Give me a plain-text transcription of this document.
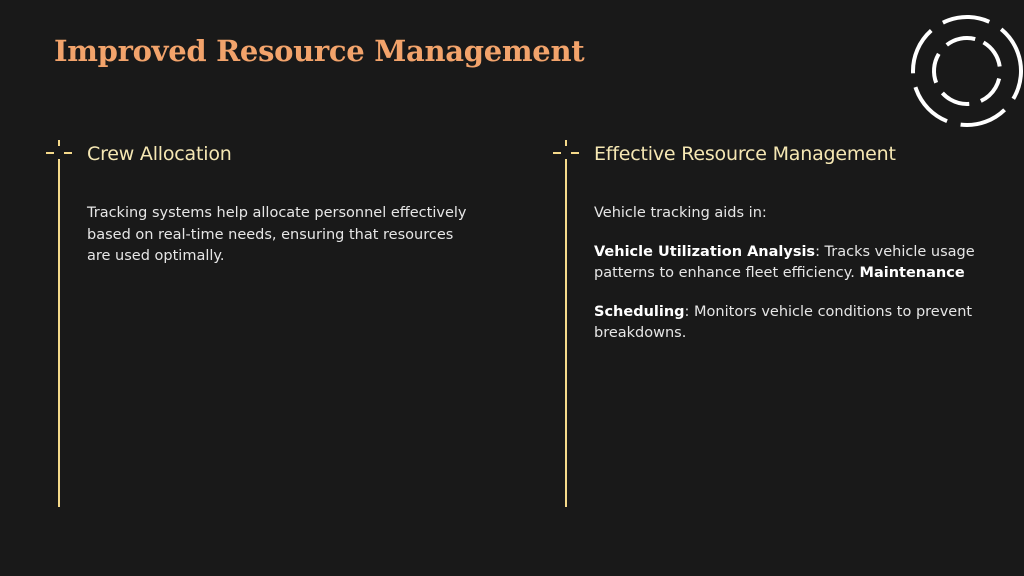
Improved Resource Management
Crew Allocation

Tracking systems help allocate personnel effectively based on real-time needs, ensuring that resources are used optimally.

Effective Resource Management

Vehicle tracking aids in:

Vehicle Utilization Analysis: Tracks vehicle usage patterns to enhance fleet efficiency. Maintenance

Scheduling: Monitors vehicle conditions to prevent breakdowns.
